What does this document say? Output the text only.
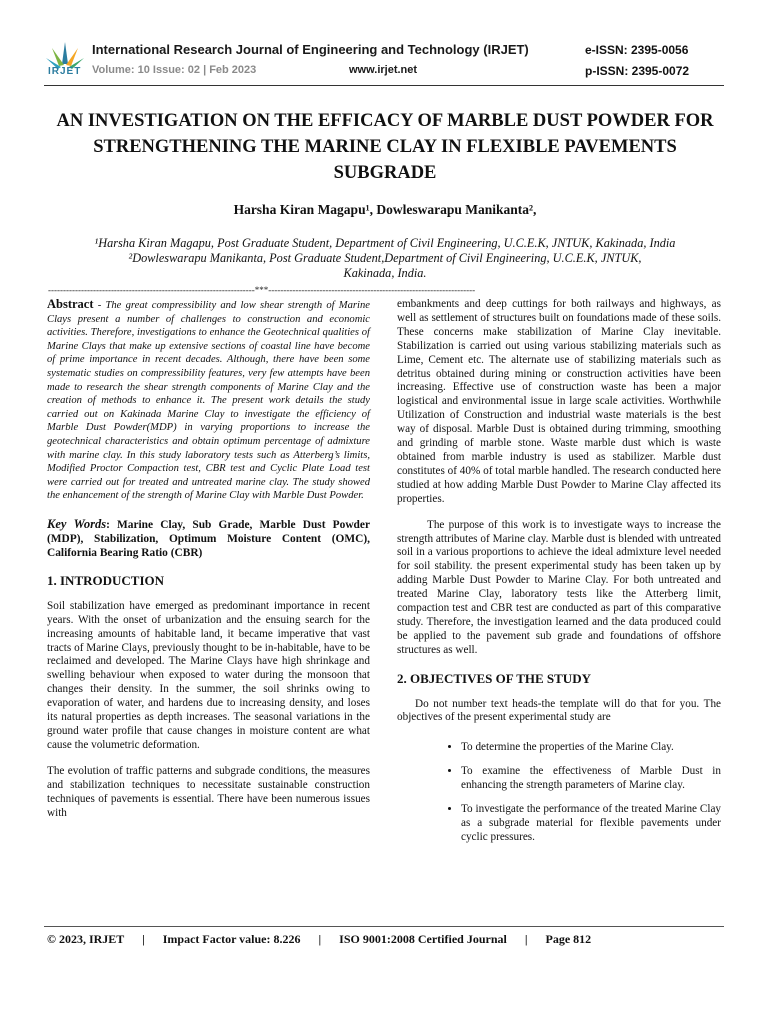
IRJET
International Research Journal of Engineering and Technology (IRJET)
Volume: 10 Issue: 02 | Feb 2023	www.irjet.net
e-ISSN: 2395-0056
p-ISSN: 2395-0072
AN INVESTIGATION ON THE EFFICACY OF MARBLE DUST POWDER FOR STRENGTHENING THE MARINE CLAY IN FLEXIBLE PAVEMENTS SUBGRADE
Harsha Kiran Magapu¹, Dowleswarapu Manikanta²,
¹Harsha Kiran Magapu, Post Graduate Student, Department of Civil Engineering, U.C.E.K, JNTUK, Kakinada, India
²Dowleswarapu Manikanta, Post Graduate Student,Department of Civil Engineering, U.C.E.K, JNTUK,
Kakinada, India.
---------------------------------------------------------------------***---------------------------------------------------------------------
Abstract - The great compressibility and low shear strength of Marine Clays present a number of challenges to construction and economic activities. Therefore, investigations to enhance the Geotechnical qualities of Marine Clays that make up extensive sections of coastal line have become of prime importance in recent decades. Although, there have been some systematic studies on compressibility features, very few attempts have been made to research the shear strength components of Marine Clay and the creation of methods to enhance it. The present work details the study carried out on Kakinada Marine Clay to investigate the efficiency of Marble Dust Powder(MDP) in varying proportions to increase the geotechnical characteristics and obtain optimum percentage of admixture with marine clay. In this study laboratory tests such as Atterberg’s limits, Modified Proctor Compaction test, CBR test and Cyclic Plate Load test were carried out for treated and untreated marine clay. The study showed the enhancement of the strength of Marine Clay with Marble Dust Powder.
Key Words: Marine Clay, Sub Grade, Marble Dust Powder (MDP), Stabilization, Optimum Moisture Content (OMC), California Bearing Ratio (CBR)
1. INTRODUCTION

Soil stabilization have emerged as predominant importance in recent years. With the onset of urbanization and the ensuing search for the increasing amounts of habitable land, it became imperative that vast tracts of Marine Clays, previously thought to be in-habitable, have to be reclaimed and developed. The Marine Clays have high shrinkage and swelling behaviour when exposed to water during the monsoon that changes their density. In the summer, the soil shrinks owing to evaporation of water, and hardens due to increasing density, and loses its natural properties as depth increases. The seasonal variations in the ground water profile that cause changes in moisture content are what cause the volumetric deformation.

The evolution of traffic patterns and subgrade conditions, the measures and stabilization techniques to necessitate sustainable construction techniques of pavements is essential. There have been numerous issues with

embankments and deep cuttings for both railways and highways, as well as settlement of structures built on foundations made of these soils. These concerns make stabilization of Marine Clay inevitable. Stabilization is carried out using various stabilizing materials such as Lime, Cement etc. The alternate use of stabilizing materials such as detritus obtained during mining or construction activities have been increasing. Effective use of construction waste has been a major logistical and environmental issue in large scale activities. Worthwhile Utilization of Construction and industrial waste materials is the best way of disposal. Marble Dust is obtained during trimming, smoothing and grinding of marble stone. Waste marble dust which is waste obtained from marble industry is used as stabilizer. Marble dust constitutes of 40% of total marble handled. The research conducted here studied at how adding Marble Dust Powder to Marine Clay affected its properties.

The purpose of this work is to investigate ways to increase the strength attributes of Marine clay. Marble dust is blended with untreated soil in a various proportions to achieve the ideal admixture level needed for soil stability. the present experimental study has been taken up by adding Marble Dust Powder to Marine Clay. For both untreated and treated Marine Clay, laboratory tests like the Atterberg limit, compaction test and CBR test are conducted as part of this comparative study. Therefore, the investigation learned and the data produced could be applied to the pavement sub grade and foundations of offshore structures as well.

2. OBJECTIVES OF THE STUDY

Do not number text heads-the template will do that for you. The objectives of the present experimental study are

• To determine the properties of the Marine Clay.
• To examine the effectiveness of Marble Dust in enhancing the strength parameters of Marine clay.
• To investigate the performance of the treated Marine Clay as a subgrade material for flexible pavements under cyclic pressures.
© 2023, IRJET      |      Impact Factor value: 8.226      |      ISO 9001:2008 Certified Journal      |      Page 812
